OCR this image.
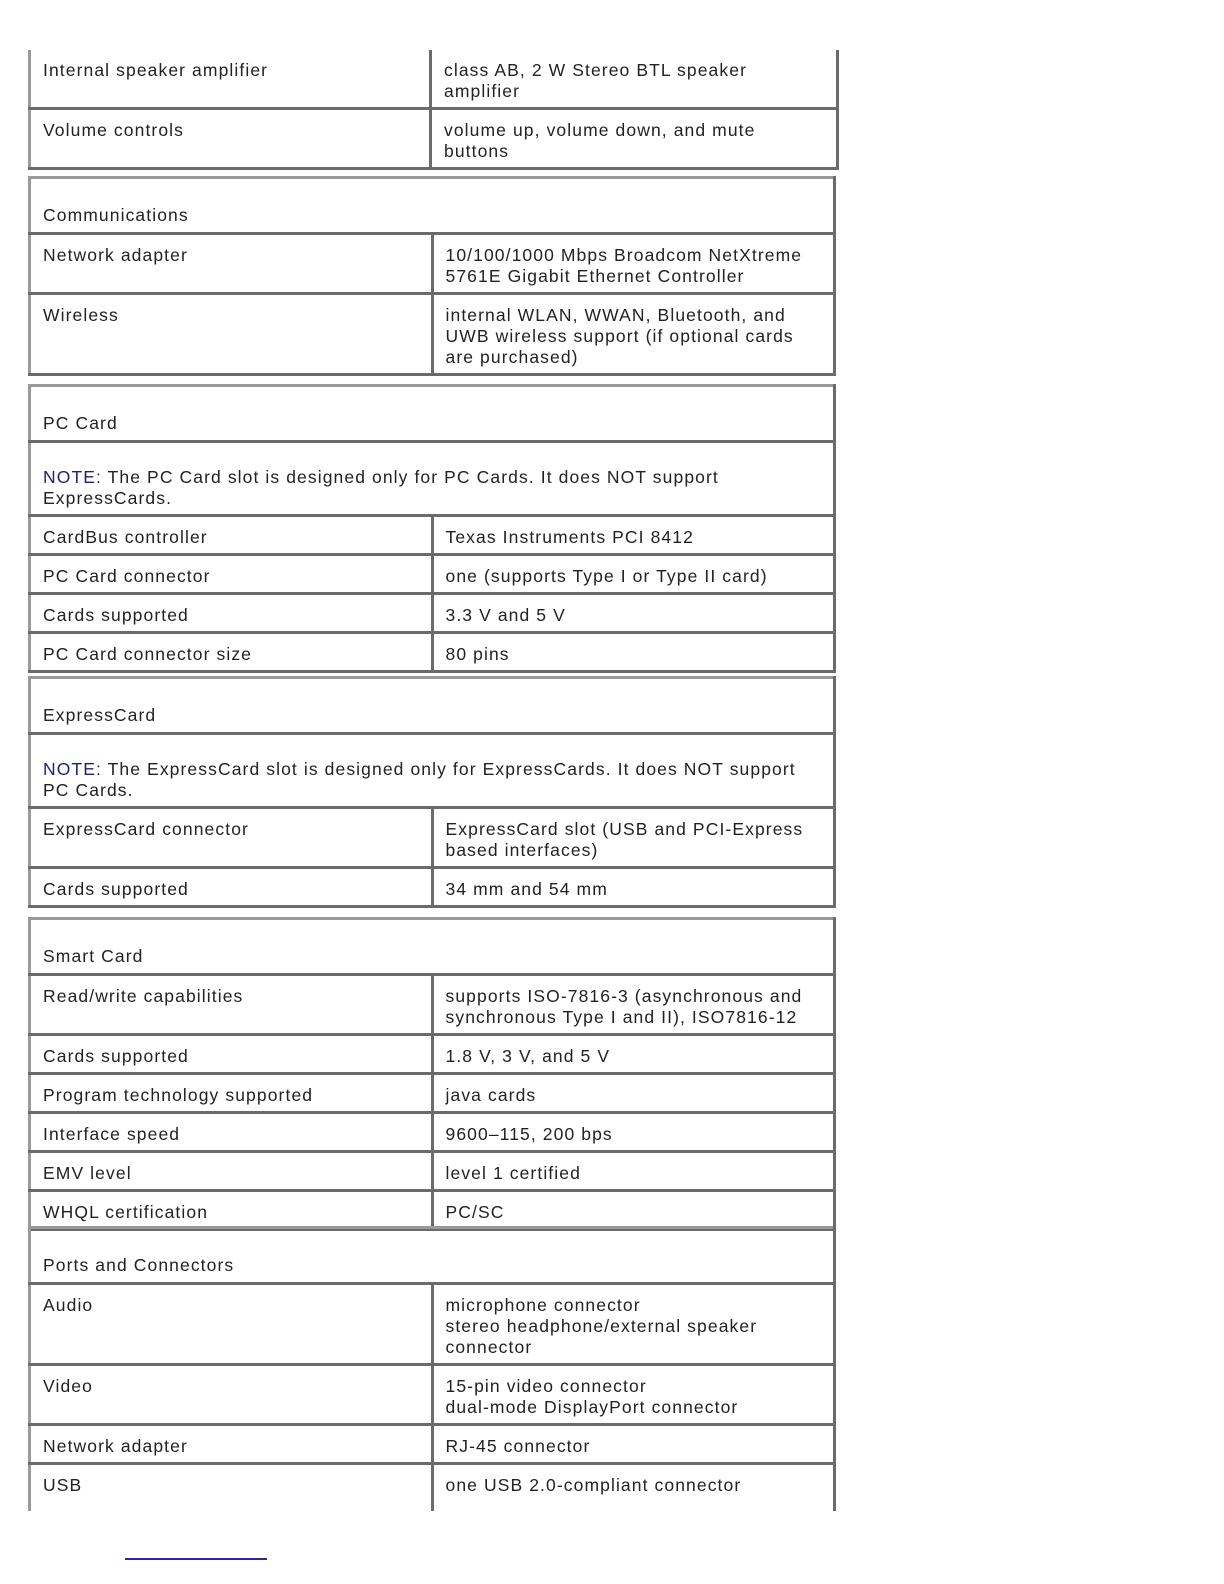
Internal speaker amplifier	class AB, 2 W Stereo BTL speaker amplifier
Volume controls	volume up, volume down, and mute buttons
Communications	
Network adapter	10/100/1000 Mbps Broadcom NetXtreme 5761E Gigabit Ethernet Controller
Wireless	internal WLAN, WWAN, Bluetooth, and UWB wireless support (if optional cards are purchased)
PC Card	
NOTE: The PC Card slot is designed only for PC Cards. It does NOT support ExpressCards.	
CardBus controller	Texas Instruments PCI 8412
PC Card connector	one (supports Type I or Type II card)
Cards supported	3.3 V and 5 V
PC Card connector size	80 pins
ExpressCard	
NOTE: The ExpressCard slot is designed only for ExpressCards. It does NOT support PC Cards.	
ExpressCard connector	ExpressCard slot (USB and PCI-Express based interfaces)
Cards supported	34 mm and 54 mm
Smart Card	
Read/write capabilities	supports ISO-7816-3 (asynchronous and synchronous Type I and II), ISO7816-12
Cards supported	1.8 V, 3 V, and 5 V
Program technology supported	java cards
Interface speed	9600–115, 200 bps
EMV level	level 1 certified
WHQL certification	PC/SC
Ports and Connectors	
Audio	microphone connector
stereo headphone/external speaker connector

Video	15-pin video connector
dual-mode DisplayPort connector

Network adapter	RJ-45 connector
USB	one USB 2.0-compliant connector
